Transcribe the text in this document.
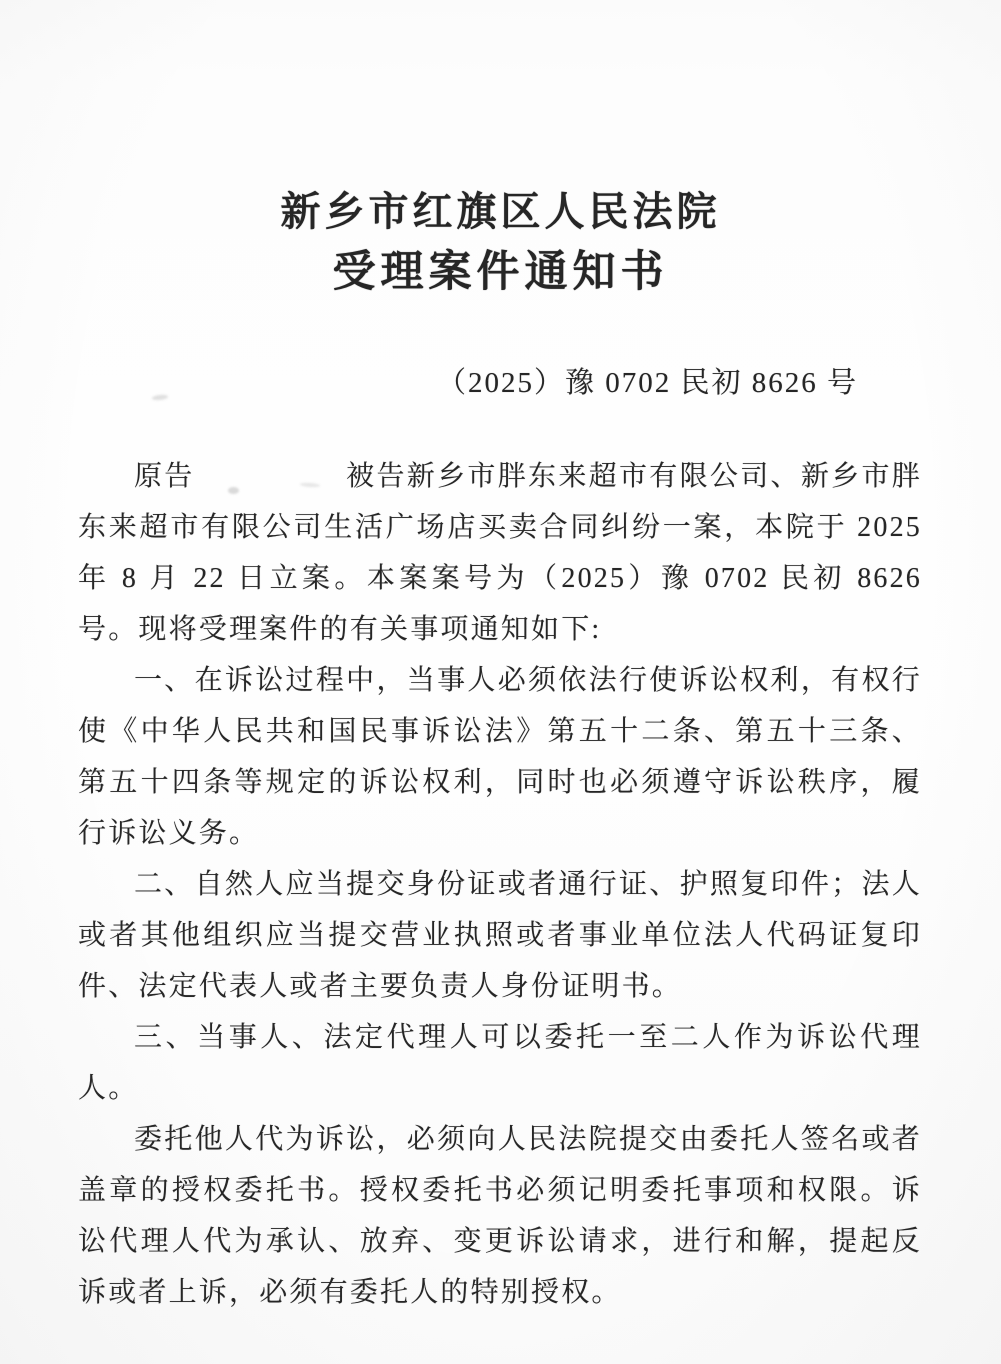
新乡市红旗区人民法院
受理案件通知书
（2025）豫 0702 民初 8626 号

原告　　　　　被告新乡市胖东来超市有限公司、新乡市胖东来超市有限公司生活广场店买卖合同纠纷一案，本院于 2025 年 8 月 22 日立案。本案案号为（2025）豫 0702 民初 8626 号。现将受理案件的有关事项通知如下:

一、在诉讼过程中，当事人必须依法行使诉讼权利，有权行使《中华人民共和国民事诉讼法》第五十二条、第五十三条、第五十四条等规定的诉讼权利，同时也必须遵守诉讼秩序，履行诉讼义务。

二、自然人应当提交身份证或者通行证、护照复印件；法人或者其他组织应当提交营业执照或者事业单位法人代码证复印件、法定代表人或者主要负责人身份证明书。

三、当事人、法定代理人可以委托一至二人作为诉讼代理人。

委托他人代为诉讼，必须向人民法院提交由委托人签名或者盖章的授权委托书。授权委托书必须记明委托事项和权限。诉讼代理人代为承认、放弃、变更诉讼请求，进行和解，提起反诉或者上诉，必须有委托人的特别授权。
